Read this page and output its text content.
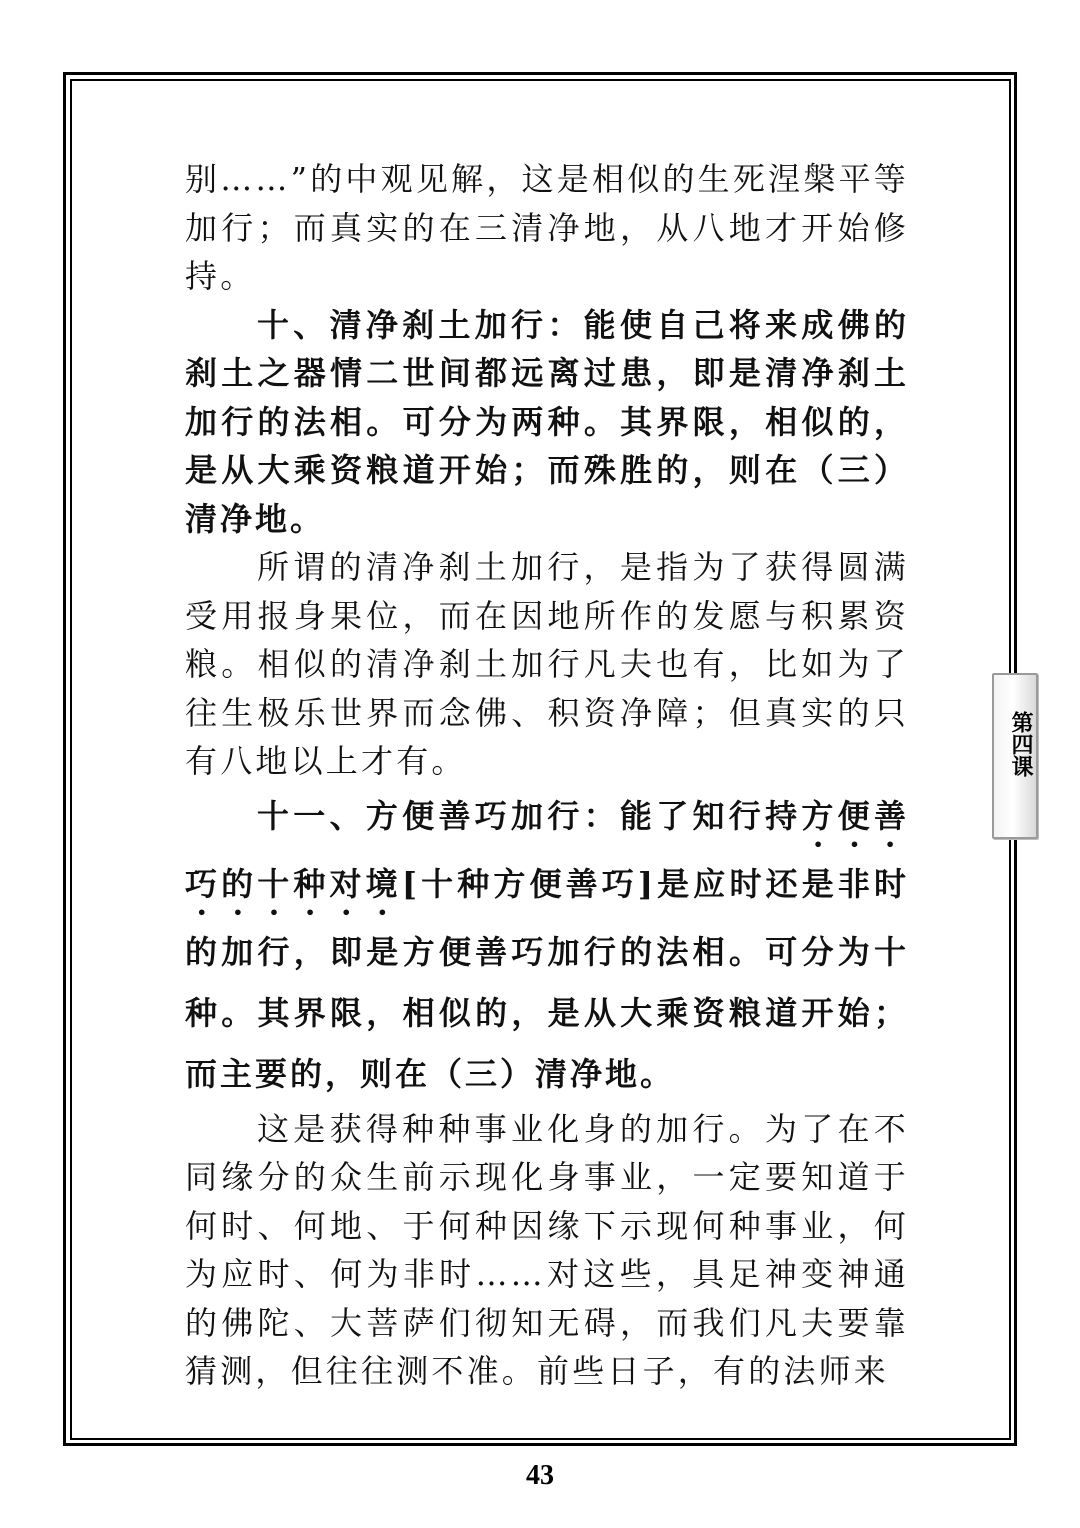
别……”的中观见解，这是相似的生死涅槃平等加行；而真实的在三清净地，从八地才开始修持。

十、清净刹土加行：能使自己将来成佛的刹土之器情二世间都远离过患，即是清净刹土加行的法相。可分为两种。其界限，相似的，是从大乘资粮道开始；而殊胜的，则在（三）清净地。

所谓的清净刹土加行，是指为了获得圆满受用报身果位，而在因地所作的发愿与积累资粮。相似的清净刹土加行凡夫也有，比如为了往生极乐世界而念佛、积资净障；但真实的只有八地以上才有。

十一、方便善巧加行：能了知行持方便善巧的十种对境[十种方便善巧]是应时还是非时的加行，即是方便善巧加行的法相。可分为十种。其界限，相似的，是从大乘资粮道开始；而主要的，则在（三）清净地。

这是获得种种事业化身的加行。为了在不同缘分的众生前示现化身事业，一定要知道于何时、何地、于何种因缘下示现何种事业，何为应时、何为非时……对这些，具足神变神通的佛陀、大菩萨们彻知无碍，而我们凡夫要靠猜测，但往往测不准。前些日子，有的法师来

第四课
43
